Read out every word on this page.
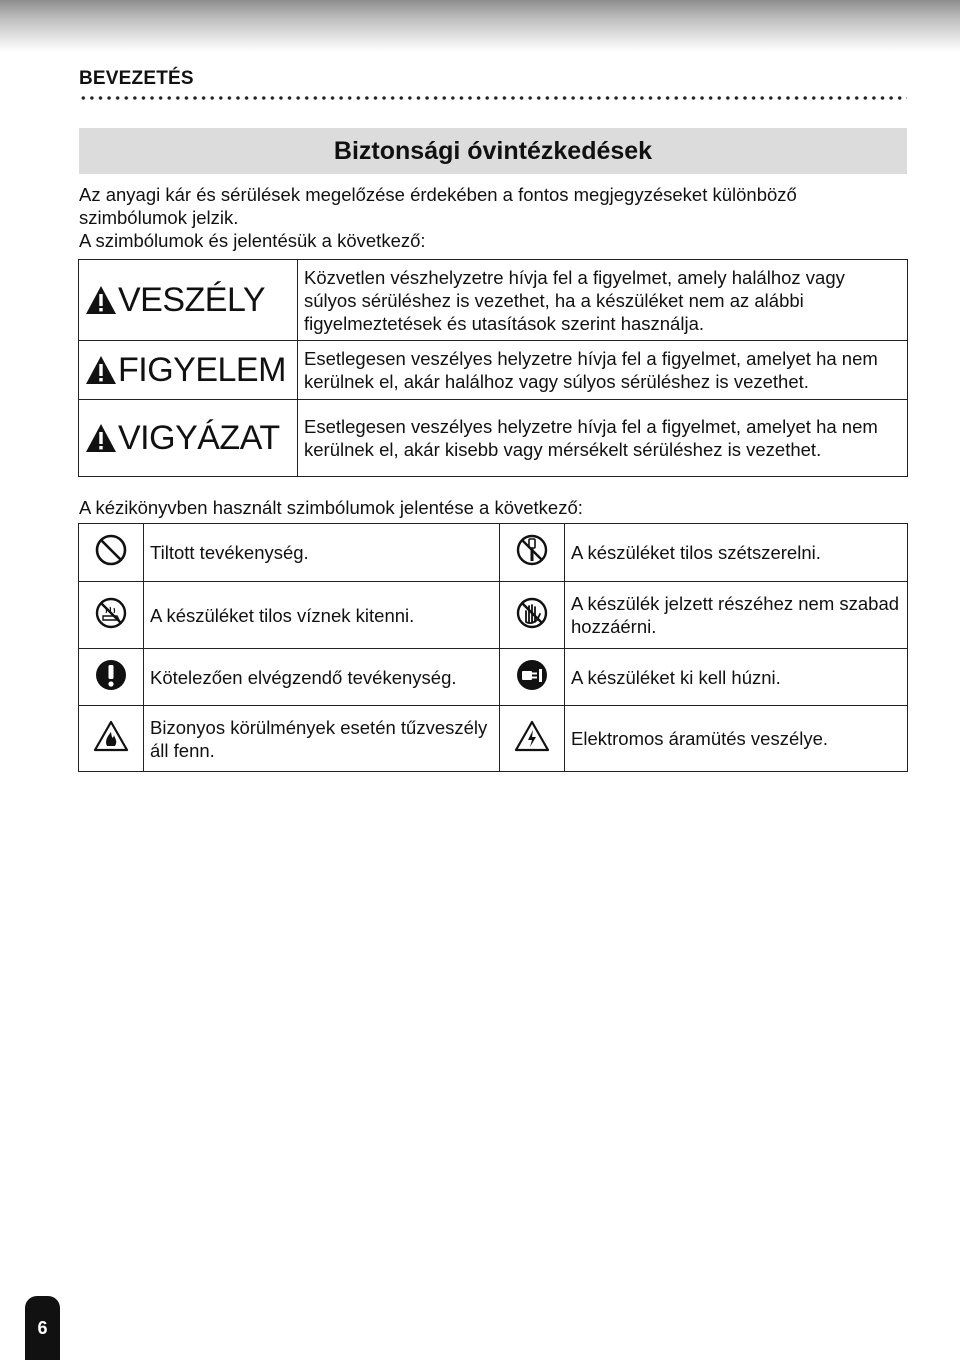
BEVEZETÉS
Biztonsági óvintézkedések

Az anyagi kár és sérülések megelőzése érdekében a fontos megjegyzéseket különböző szimbólumok jelzik.

A szimbólumok és jelentésük a következő:

VESZÉLY	Közvetlen vészhelyzetre hívja fel a figyelmet, amely halálhoz vagy súlyos sérüléshez is vezethet, ha a készüléket nem az alábbi figyelmeztetések és utasítások szerint használja.

FIGYELEM	Esetlegesen veszélyes helyzetre hívja fel a figyelmet, amelyet ha nem kerülnek el, akár halálhoz vagy súlyos sérüléshez is vezethet.

VIGYÁZAT	Esetlegesen veszélyes helyzetre hívja fel a figyelmet, amelyet ha nem kerülnek el, akár kisebb vagy mérsékelt sérüléshez is vezethet.
A kézikönyvben használt szimbólumok jelentése a következő:
	Tiltott tevékenység.		A készüléket tilos szétszerelni.
	A készüléket tilos víznek kitenni.		A készülék jelzett részéhez nem szabad hozzáérni.
	Kötelezően elvégzendő tevékenység.		A készüléket ki kell húzni.
	Bizonyos körülmények esetén tűzveszély áll fenn.		Elektromos áramütés veszélye.
6
